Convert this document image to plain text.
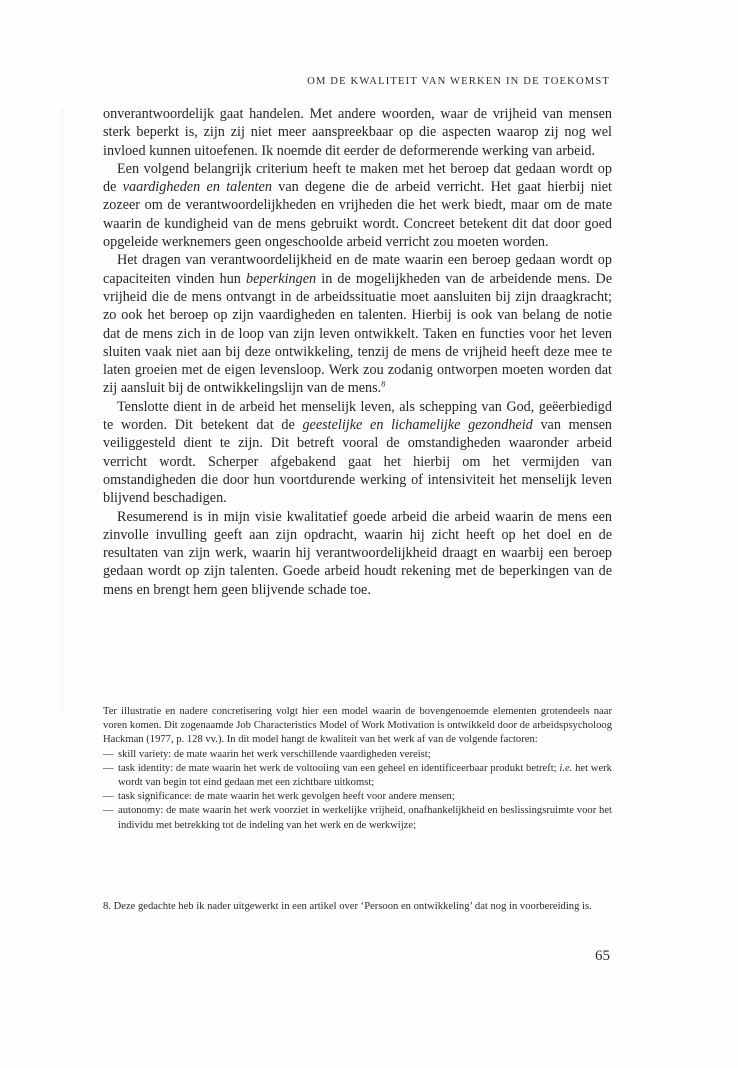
OM DE KWALITEIT VAN WERKEN IN DE TOEKOMST

onverantwoordelijk gaat handelen. Met andere woorden, waar de vrijheid van mensen sterk beperkt is, zijn zij niet meer aanspreekbaar op die aspecten waarop zij nog wel invloed kunnen uitoefenen. Ik noemde dit eerder de deformerende werking van arbeid.

Een volgend belangrijk criterium heeft te maken met het beroep dat gedaan wordt op de vaardigheden en talenten van degene die de arbeid verricht. Het gaat hierbij niet zozeer om de verantwoordelijkheden en vrijheden die het werk biedt, maar om de mate waarin de kundigheid van de mens gebruikt wordt. Concreet betekent dit dat door goed opgeleide werknemers geen ongeschoolde arbeid verricht zou moeten worden.

Het dragen van verantwoordelijkheid en de mate waarin een beroep gedaan wordt op capaciteiten vinden hun beperkingen in de mogelijkheden van de arbeidende mens. De vrijheid die de mens ontvangt in de arbeidssituatie moet aansluiten bij zijn draagkracht; zo ook het beroep op zijn vaardigheden en talenten. Hierbij is ook van belang de notie dat de mens zich in de loop van zijn leven ontwikkelt. Taken en functies voor het leven sluiten vaak niet aan bij deze ontwikkeling, tenzij de mens de vrijheid heeft deze mee te laten groeien met de eigen levensloop. Werk zou zodanig ontworpen moeten worden dat zij aansluit bij de ontwikkelingslijn van de mens.$^8$

Tenslotte dient in de arbeid het menselijk leven, als schepping van God, geëerbiedigd te worden. Dit betekent dat de geestelijke en lichamelijke gezondheid van mensen veiliggesteld dient te zijn. Dit betreft vooral de omstandigheden waaronder arbeid verricht wordt. Scherper afgebakend gaat het hierbij om het vermijden van omstandigheden die door hun voortdurende werking of intensiviteit het menselijk leven blijvend beschadigen.

Resumerend is in mijn visie kwalitatief goede arbeid die arbeid waarin de mens een zinvolle invulling geeft aan zijn opdracht, waarin hij zicht heeft op het doel en de resultaten van zijn werk, waarin hij verantwoordelijkheid draagt en waarbij een beroep gedaan wordt op zijn talenten. Goede arbeid houdt rekening met de beperkingen van de mens en brengt hem geen blijvende schade toe.

Ter illustratie en nadere concretisering volgt hier een model waarin de bovengenoemde elementen grotendeels naar voren komen. Dit zogenaamde Job Characteristics Model of Work Motivation is ontwikkeld door de arbeidspsycholoog Hackman (1977, p. 128 vv.). In dit model hangt de kwaliteit van het werk af van de volgende factoren:

— skill variety: de mate waarin het werk verschillende vaardigheden vereist;
— task identity: de mate waarin het werk de voltooiing van een geheel en identificeerbaar produkt betreft; i.e. het werk wordt van begin tot eind gedaan met een zichtbare uitkomst;
— task significance: de mate waarin het werk gevolgen heeft voor andere mensen;
— autonomy: de mate waarin het werk voorziet in werkelijke vrijheid, onafhankelijkheid en beslissingsruimte voor het individu met betrekking tot de indeling van het werk en de werkwijze;
8. Deze gedachte heb ik nader uitgewerkt in een artikel over ‘Persoon en ontwikkeling’ dat nog in voorbereiding is.
65
